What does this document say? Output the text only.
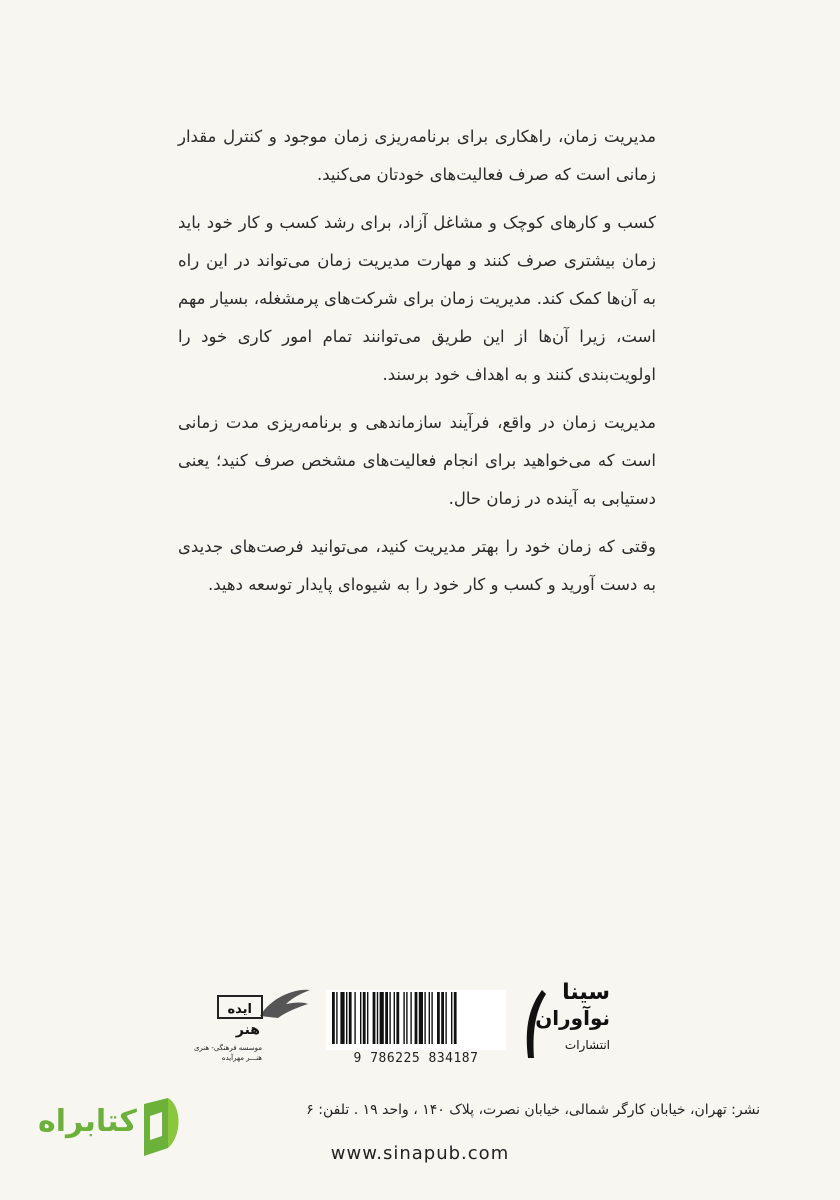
مدیریت زمان، راهکاری برای برنامه‌ریزی زمان موجود و کنترل مقدار زمانی است که صرف فعالیت‌های خودتان می‌کنید.

کسب و کارهای کوچک و مشاغل آزاد، برای رشد کسب و کار خود باید زمان بیشتری صرف کنند و مهارت مدیریت زمان می‌تواند در این راه به آن‌ها کمک کند. مدیریت زمان برای شرکت‌های پرمشغله، بسیار مهم است، زیرا آن‌ها از این طریق می‌توانند تمام امور کاری خود را اولویت‌بندی کنند و به اهداف خود برسند.

مدیریت زمان در واقع، فرآیند سازماندهی و برنامه‌ریزی مدت زمانی است که می‌خواهید برای انجام فعالیت‌های مشخص صرف کنید؛ یعنی دستیابی به آینده در زمان حال.

وقتی که زمان خود را بهتر مدیریت کنید، می‌توانید فرصت‌های جدیدی به دست آورید و کسب و کار خود را به شیوه‌ای پایدار توسعه دهید.

ایده
هنر
موسسه فرهنگی- هنری
هنـــر مهرآیده	9 786225 834187
سینا
نوآوران
انتشارات
نشر: تهران، خیابان کارگر شمالی، خیابان نصرت، پلاک ۱۴۰ ، واحد ۱۹ . تلفن: ۶
www.sinapub.com
کتابراه
